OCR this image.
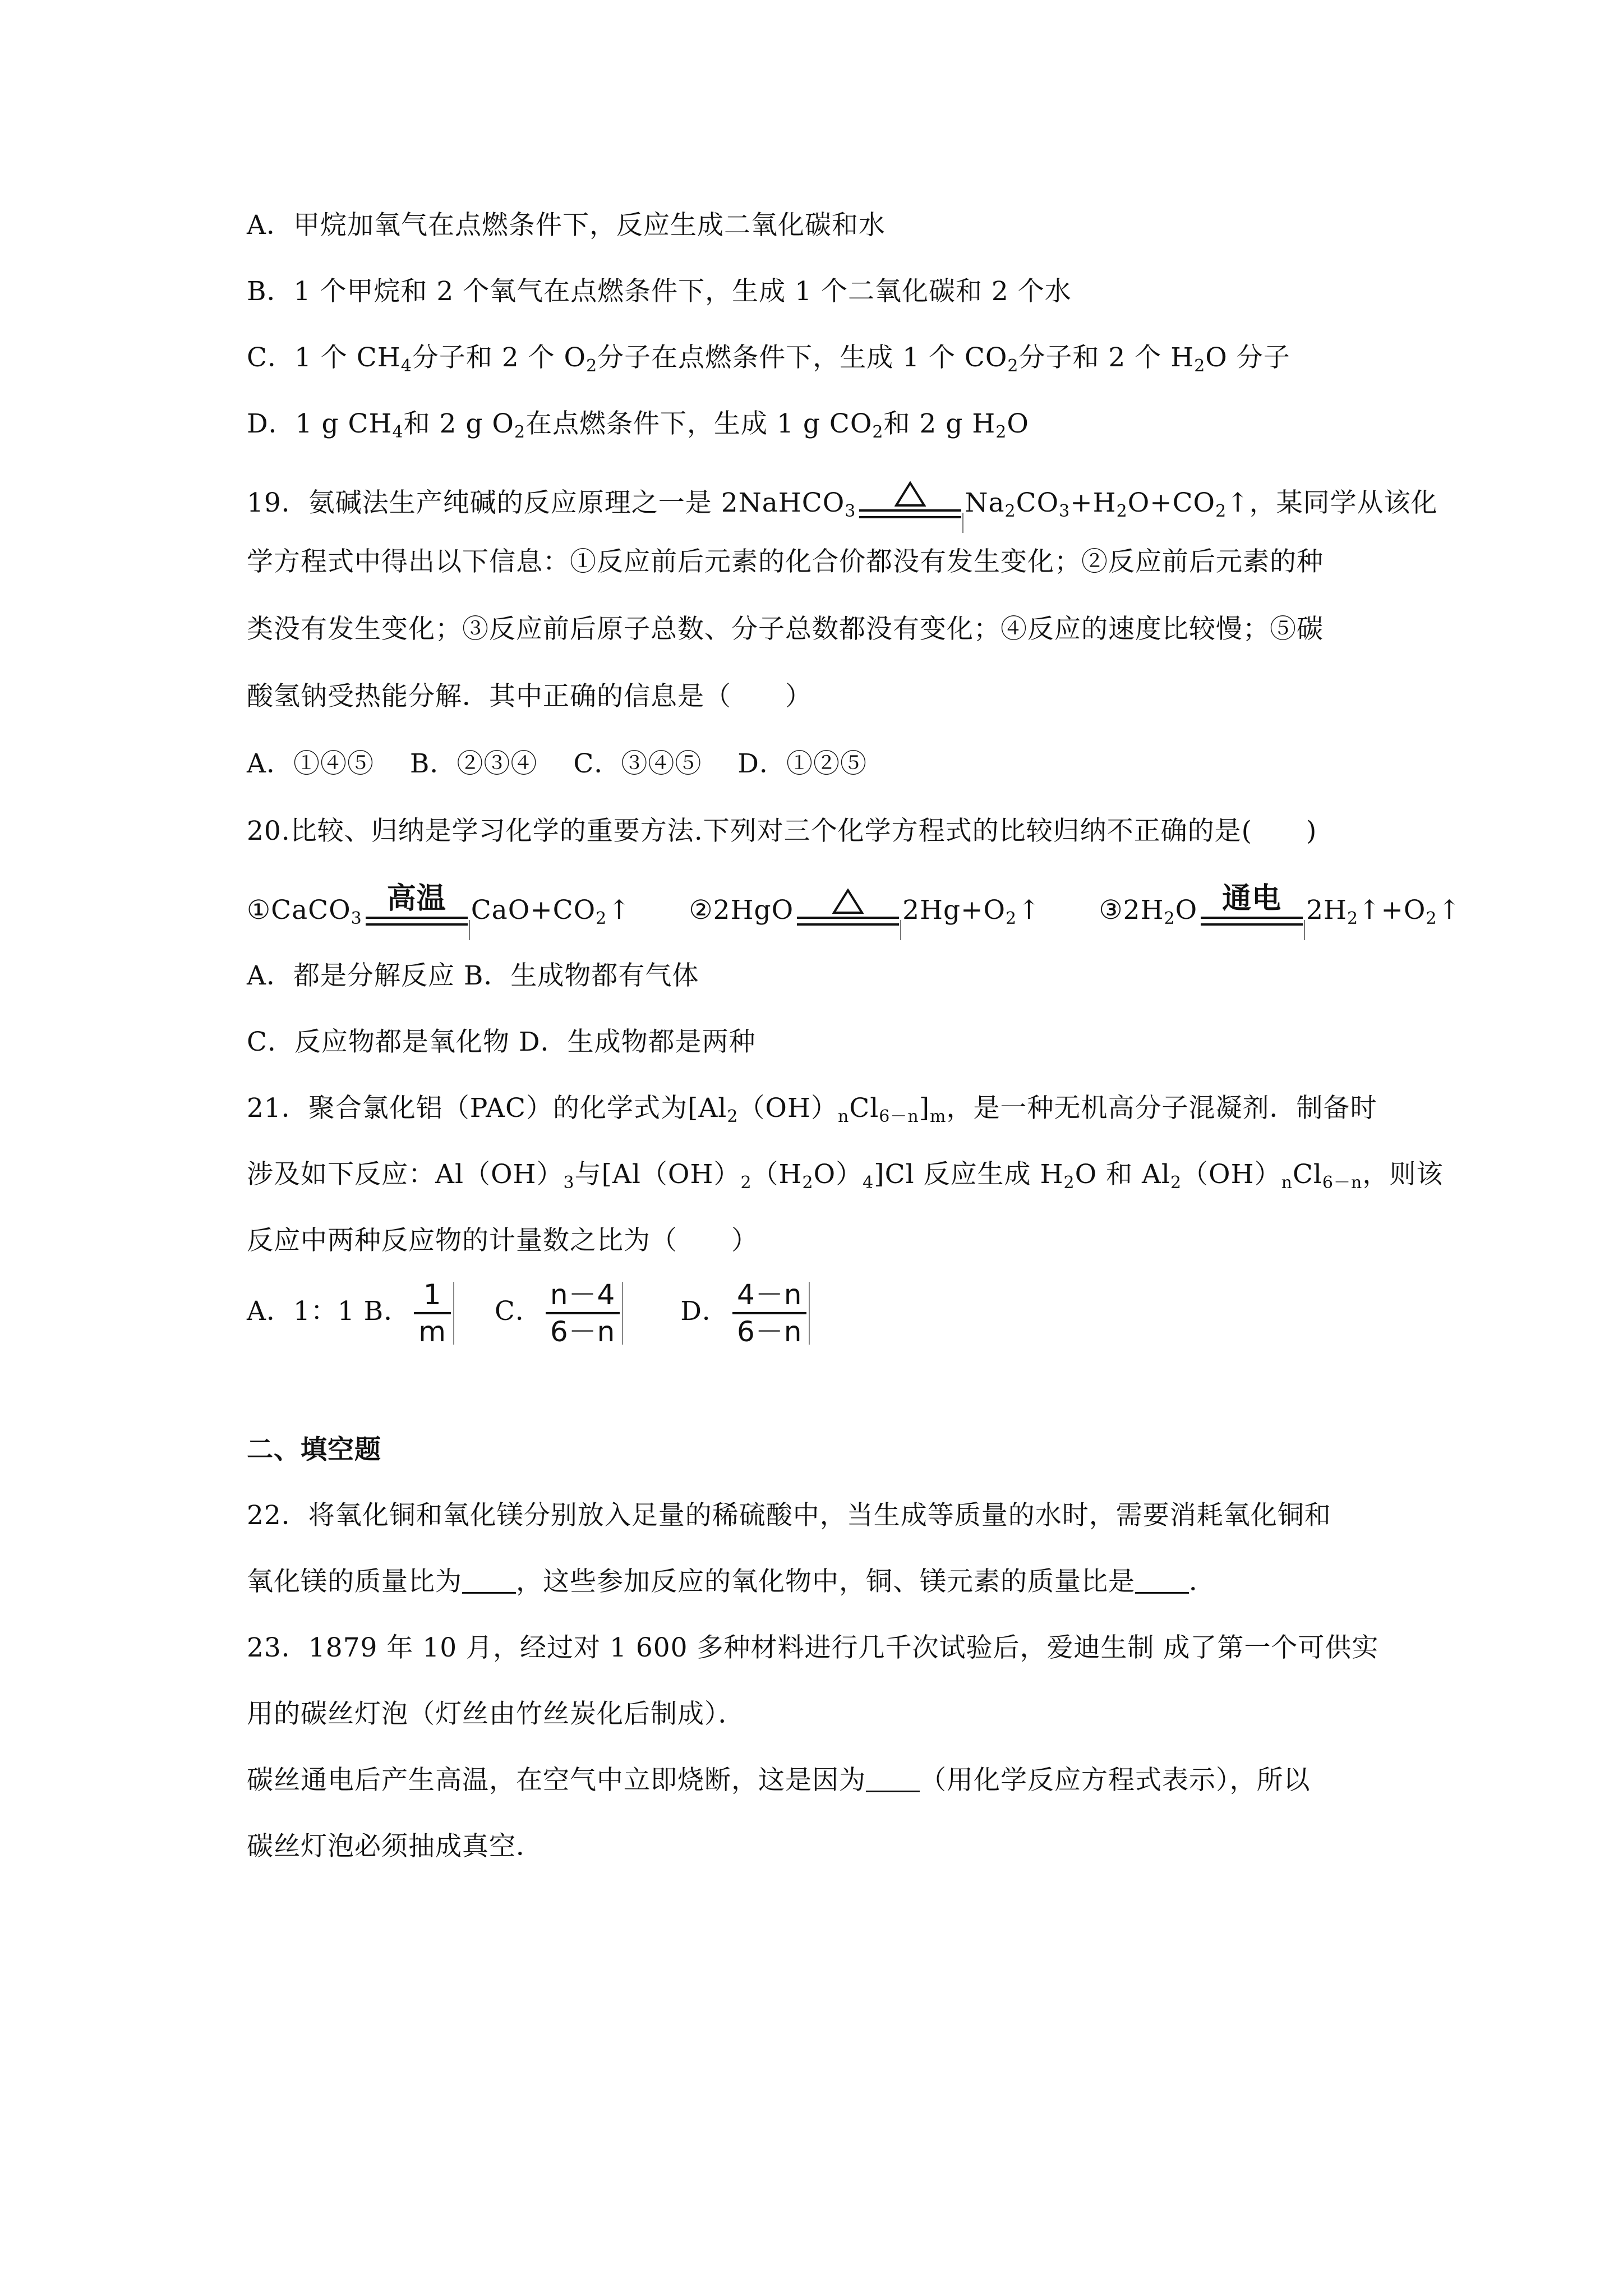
A．甲烷加氧气在点燃条件下，反应生成二氧化碳和水
B．1 个甲烷和 2 个氧气在点燃条件下，生成 1 个二氧化碳和 2 个水
C．1 个 $CH_4$分子和 2 个 $O_2$分子在点燃条件下，生成 1 个 $CO_2$分子和 2 个 $H_2O$ 分子
D．1 g $CH_4$和 2 g $O_2$在点燃条件下，生成 1 g $CO_2$和 2 g $H_2O$
19．氨碱法生产纯碱的反应原理之一是 2NaHCO$_3$	$Na_2CO_3+H_2O+CO_2↑$，某同学从该化
学方程式中得出以下信息：①反应前后元素的化合价都没有发生变化；②反应前后元素的种
类没有发生变化；③反应前后原子总数、分子总数都没有变化；④反应的速度比较慢；⑤碳
酸氢钠受热能分解．其中正确的信息是（　　）
A．①④⑤　 B．②③④　 C．③④⑤　 D．①②⑤
20.比较、归纳是学习化学的重要方法.下列对三个化学方程式的比较归纳不正确的是(　　)
①CaCO$_3$
高温 $CaO+CO_2↑$ ②2HgO	$2Hg+O_2↑$ $③2H_2O$ 通电 $2H_2↑+O_2↑$
A．都是分解反应 B．生成物都有气体
C．反应物都是氧化物 D．生成物都是两种
21．聚合氯化铝（PAC）的化学式为$[Al_2(OH)_nCl_{6-n}]_m$，是一种无机高分子混凝剂．制备时
涉及如下反应：$Al(OH)_3$与$[Al(OH)_2(H_2O)_4]Cl$ 反应生成 $H_2O$ 和 $Al_2(OH)_nCl_{6-n}$，则该
反应中两种反应物的计量数之比为（　　）
A．1：1 B． $\frac{1}{m}$ C． $\frac{n-4}{6-n}$ D． $\frac{4-n}{6-n}$
二、填空题
22．将氧化铜和氧化镁分别放入足量的稀硫酸中，当生成等质量的水时，需要消耗氧化铜和
氧化镁的质量比为 ，这些参加反应的氧化物中，铜、镁元素的质量比是 ．
23．1879 年 10 月，经过对 1 600 多种材料进行几千次试验后，爱迪生制 成了第一个可供实
用的碳丝灯泡（灯丝由竹丝炭化后制成）．
碳丝通电后产生高温，在空气中立即烧断，这是因为 （用化学反应方程式表示），所以
碳丝灯泡必须抽成真空．
